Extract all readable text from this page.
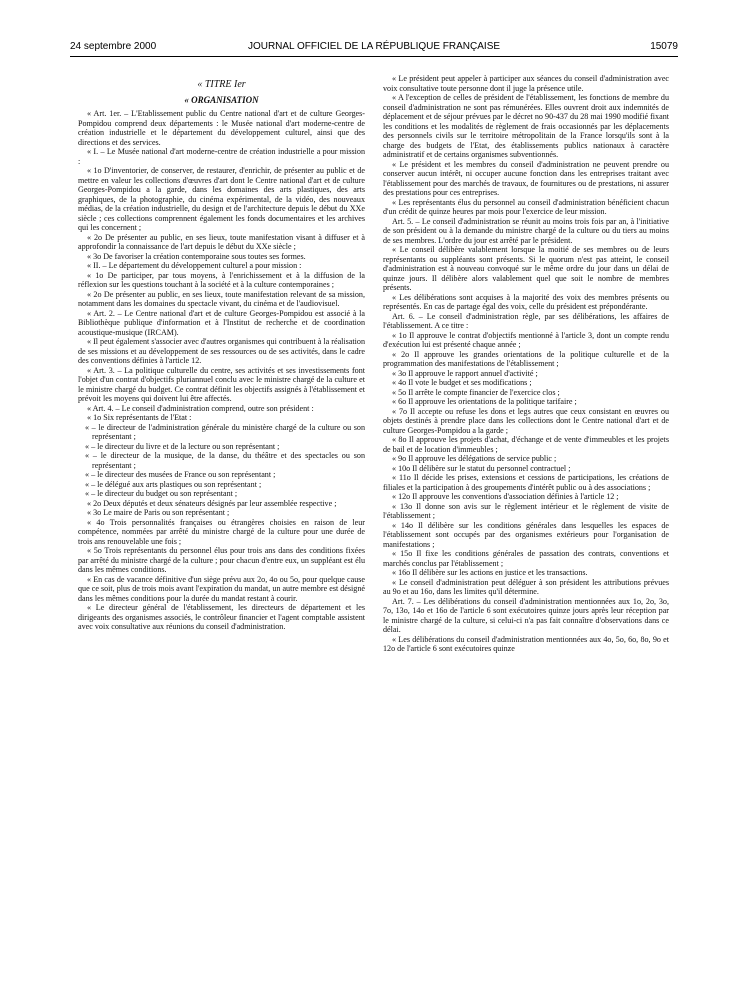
24 septembre 2000	JOURNAL OFFICIEL DE LA RÉPUBLIQUE FRANÇAISE	15079
« TITRE Ier
« ORGANISATION

« Art. 1er. – L'Etablissement public du Centre national d'art et de culture Georges-Pompidou comprend deux départements : le Musée national d'art moderne-centre de création industrielle et le département du développement culturel, ainsi que des directions et des services.

« I. – Le Musée national d'art moderne-centre de création industrielle a pour mission :

« 1o D'inventorier, de conserver, de restaurer, d'enrichir, de présenter au public et de mettre en valeur les collections d'œuvres d'art dont le Centre national d'art et de culture Georges-Pompidou a la garde, dans les domaines des arts plastiques, des arts graphiques, de la photographie, du cinéma expérimental, de la vidéo, des nouveaux médias, de la création industrielle, du design et de l'architecture depuis le début du XXe siècle ; ces collections comprennent également les fonds documentaires et les archives qui les concernent ;

« 2o De présenter au public, en ses lieux, toute manifestation visant à diffuser et à approfondir la connaissance de l'art depuis le début du XXe siècle ;

« 3o De favoriser la création contemporaine sous toutes ses formes.

« II. – Le département du développement culturel a pour mission :

« 1o De participer, par tous moyens, à l'enrichissement et à la diffusion de la réflexion sur les questions touchant à la société et à la culture contemporaines ;

« 2o De présenter au public, en ses lieux, toute manifestation relevant de sa mission, notamment dans les domaines du spectacle vivant, du cinéma et de l'audiovisuel.

« Art. 2. – Le Centre national d'art et de culture Georges-Pompidou est associé à la Bibliothèque publique d'information et à l'Institut de recherche et de coordination acoustique-musique (IRCAM).

« Il peut également s'associer avec d'autres organismes qui contribuent à la réalisation de ses missions et au développement de ses ressources ou de ses activités, dans le cadre des conventions définies à l'article 12.

« Art. 3. – La politique culturelle du centre, ses activités et ses investissements font l'objet d'un contrat d'objectifs pluriannuel conclu avec le ministre chargé de la culture et le ministre chargé du budget. Ce contrat définit les objectifs assignés à l'établissement et prévoit les moyens qui doivent lui être affectés.

« Art. 4. – Le conseil d'administration comprend, outre son président :

« 1o Six représentants de l'Etat :

« – le directeur de l'administration générale du ministère chargé de la culture ou son représentant ;

« – le directeur du livre et de la lecture ou son représentant ;

« – le directeur de la musique, de la danse, du théâtre et des spectacles ou son représentant ;

« – le directeur des musées de France ou son représentant ;

« – le délégué aux arts plastiques ou son représentant ;

« – le directeur du budget ou son représentant ;

« 2o Deux députés et deux sénateurs désignés par leur assemblée respective ;

« 3o Le maire de Paris ou son représentant ;

« 4o Trois personnalités françaises ou étrangères choisies en raison de leur compétence, nommées par arrêté du ministre chargé de la culture pour une durée de trois ans renouvelable une fois ;

« 5o Trois représentants du personnel élus pour trois ans dans des conditions fixées par arrêté du ministre chargé de la culture ; pour chacun d'entre eux, un suppléant est élu dans les mêmes conditions.

« En cas de vacance définitive d'un siège prévu aux 2o, 4o ou 5o, pour quelque cause que ce soit, plus de trois mois avant l'expiration du mandat, un autre membre est désigné dans les mêmes conditions pour la durée du mandat restant à courir.

« Le directeur général de l'établissement, les directeurs de département et les dirigeants des organismes associés, le contrôleur financier et l'agent comptable assistent avec voix consultative aux réunions du conseil d'administration.

« Le président peut appeler à participer aux séances du conseil d'administration avec voix consultative toute personne dont il juge la présence utile.

« A l'exception de celles de président de l'établissement, les fonctions de membre du conseil d'administration ne sont pas rémunérées. Elles ouvrent droit aux indemnités de déplacement et de séjour prévues par le décret no 90-437 du 28 mai 1990 modifié fixant les conditions et les modalités de règlement de frais occasionnés par les déplacements des personnels civils sur le territoire métropolitain de la France lorsqu'ils sont à la charge des budgets de l'Etat, des établissements publics nationaux à caractère administratif et de certains organismes subventionnés.

« Le président et les membres du conseil d'administration ne peuvent prendre ou conserver aucun intérêt, ni occuper aucune fonction dans les entreprises traitant avec l'établissement pour des marchés de travaux, de fournitures ou de prestations, ni assurer des prestations pour ces entreprises.

« Les représentants élus du personnel au conseil d'administration bénéficient chacun d'un crédit de quinze heures par mois pour l'exercice de leur mission.

Art. 5. – Le conseil d'administration se réunit au moins trois fois par an, à l'initiative de son président ou à la demande du ministre chargé de la culture ou du tiers au moins de ses membres. L'ordre du jour est arrêté par le président.

« Le conseil délibère valablement lorsque la moitié de ses membres ou de leurs représentants ou suppléants sont présents. Si le quorum n'est pas atteint, le conseil d'administration est à nouveau convoqué sur le même ordre du jour dans un délai de quinze jours. Il délibère alors valablement quel que soit le nombre de membres présents.

« Les délibérations sont acquises à la majorité des voix des membres présents ou représentés. En cas de partage égal des voix, celle du président est prépondérante.

Art. 6. – Le conseil d'administration règle, par ses délibérations, les affaires de l'établissement. A ce titre :

« 1o Il approuve le contrat d'objectifs mentionné à l'article 3, dont un compte rendu d'exécution lui est présenté chaque année ;

« 2o Il approuve les grandes orientations de la politique culturelle et de la programmation des manifestations de l'établissement ;

« 3o Il approuve le rapport annuel d'activité ;

« 4o Il vote le budget et ses modifications ;

« 5o Il arrête le compte financier de l'exercice clos ;

« 6o Il approuve les orientations de la politique tarifaire ;

« 7o Il accepte ou refuse les dons et legs autres que ceux consistant en œuvres ou objets destinés à prendre place dans les collections dont le Centre national d'art et de culture Georges-Pompidou a la garde ;

« 8o Il approuve les projets d'achat, d'échange et de vente d'immeubles et les projets de bail et de location d'immeubles ;

« 9o Il approuve les délégations de service public ;

« 10o Il délibère sur le statut du personnel contractuel ;

« 11o Il décide les prises, extensions et cessions de participations, les créations de filiales et la participation à des groupements d'intérêt public ou à des associations ;

« 12o Il approuve les conventions d'association définies à l'article 12 ;

« 13o Il donne son avis sur le règlement intérieur et le règlement de visite de l'établissement ;

« 14o Il délibère sur les conditions générales dans lesquelles les espaces de l'établissement sont occupés par des organismes extérieurs pour l'organisation de manifestations ;

« 15o Il fixe les conditions générales de passation des contrats, conventions et marchés conclus par l'établissement ;

« 16o Il délibère sur les actions en justice et les transactions.

« Le conseil d'administration peut déléguer à son président les attributions prévues au 9o et au 16o, dans les limites qu'il détermine.

Art. 7. – Les délibérations du conseil d'administration mentionnées aux 1o, 2o, 3o, 7o, 13o, 14o et 16o de l'article 6 sont exécutoires quinze jours après leur réception par le ministre chargé de la culture, si celui-ci n'a pas fait connaître d'observations dans ce délai.

« Les délibérations du conseil d'administration mentionnées aux 4o, 5o, 6o, 8o, 9o et 12o de l'article 6 sont exécutoires quinze
